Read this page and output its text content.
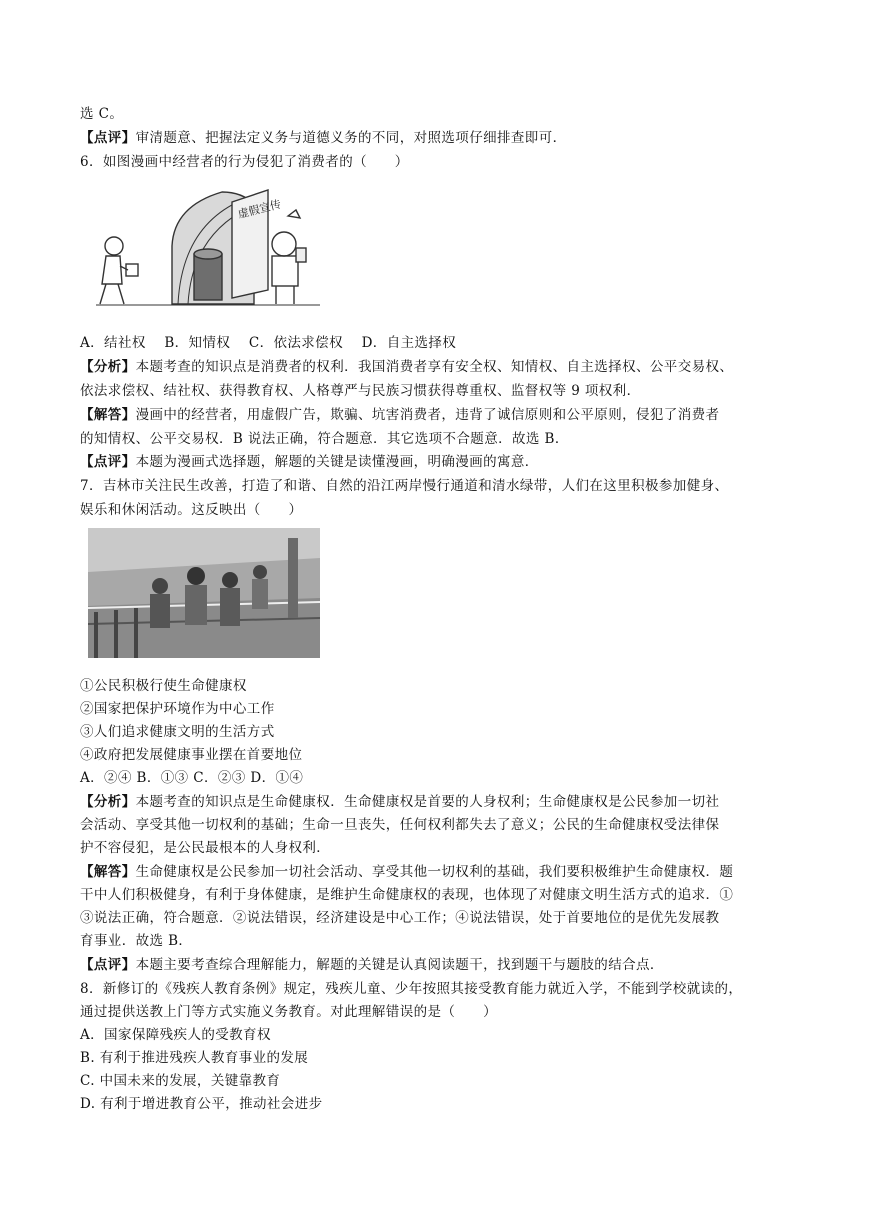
选 C。
【点评】审清题意、把握法定义务与道德义务的不同，对照选项仔细排查即可．
6．如图漫画中经营者的行为侵犯了消费者的（　　）
虚假宣传
A．结社权　 B．知情权　 C．依法求偿权　 D．自主选择权
【分析】本题考查的知识点是消费者的权利．我国消费者享有安全权、知情权、自主选择权、公平交易权、
依法求偿权、结社权、获得教育权、人格尊严与民族习惯获得尊重权、监督权等 9 项权利．
【解答】漫画中的经营者，用虚假广告，欺骗、坑害消费者，违背了诚信原则和公平原则，侵犯了消费者
的知情权、公平交易权．B 说法正确，符合题意．其它选项不合题意．故选 B．
【点评】本题为漫画式选择题，解题的关键是读懂漫画，明确漫画的寓意．
7．吉林市关注民生改善，打造了和谐、自然的沿江两岸慢行通道和清水绿带，人们在这里积极参加健身、
娱乐和休闲活动。这反映出（　　）
①公民积极行使生命健康权
②国家把保护环境作为中心工作
③人们追求健康文明的生活方式
④政府把发展健康事业摆在首要地位
A．②④ B．①③ C．②③ D．①④
【分析】本题考查的知识点是生命健康权．生命健康权是首要的人身权利；生命健康权是公民参加一切社
会活动、享受其他一切权利的基础；生命一旦丧失，任何权利都失去了意义；公民的生命健康权受法律保
护不容侵犯，是公民最根本的人身权利．
【解答】生命健康权是公民参加一切社会活动、享受其他一切权利的基础，我们要积极维护生命健康权．题
干中人们积极健身，有利于身体健康，是维护生命健康权的表现，也体现了对健康文明生活方式的追求．①
③说法正确，符合题意．②说法错误，经济建设是中心工作；④说法错误，处于首要地位的是优先发展教
育事业．故选 B．
【点评】本题主要考查综合理解能力，解题的关键是认真阅读题干，找到题干与题肢的结合点．
8．新修订的《残疾人教育条例》规定，残疾儿童、少年按照其接受教育能力就近入学，不能到学校就读的，
通过提供送教上门等方式实施义务教育。对此理解错误的是（　　）
A．国家保障残疾人的受教育权
B. 有利于推进残疾人教育事业的发展
C. 中国未来的发展，关键靠教育
D. 有利于增进教育公平，推动社会进步
